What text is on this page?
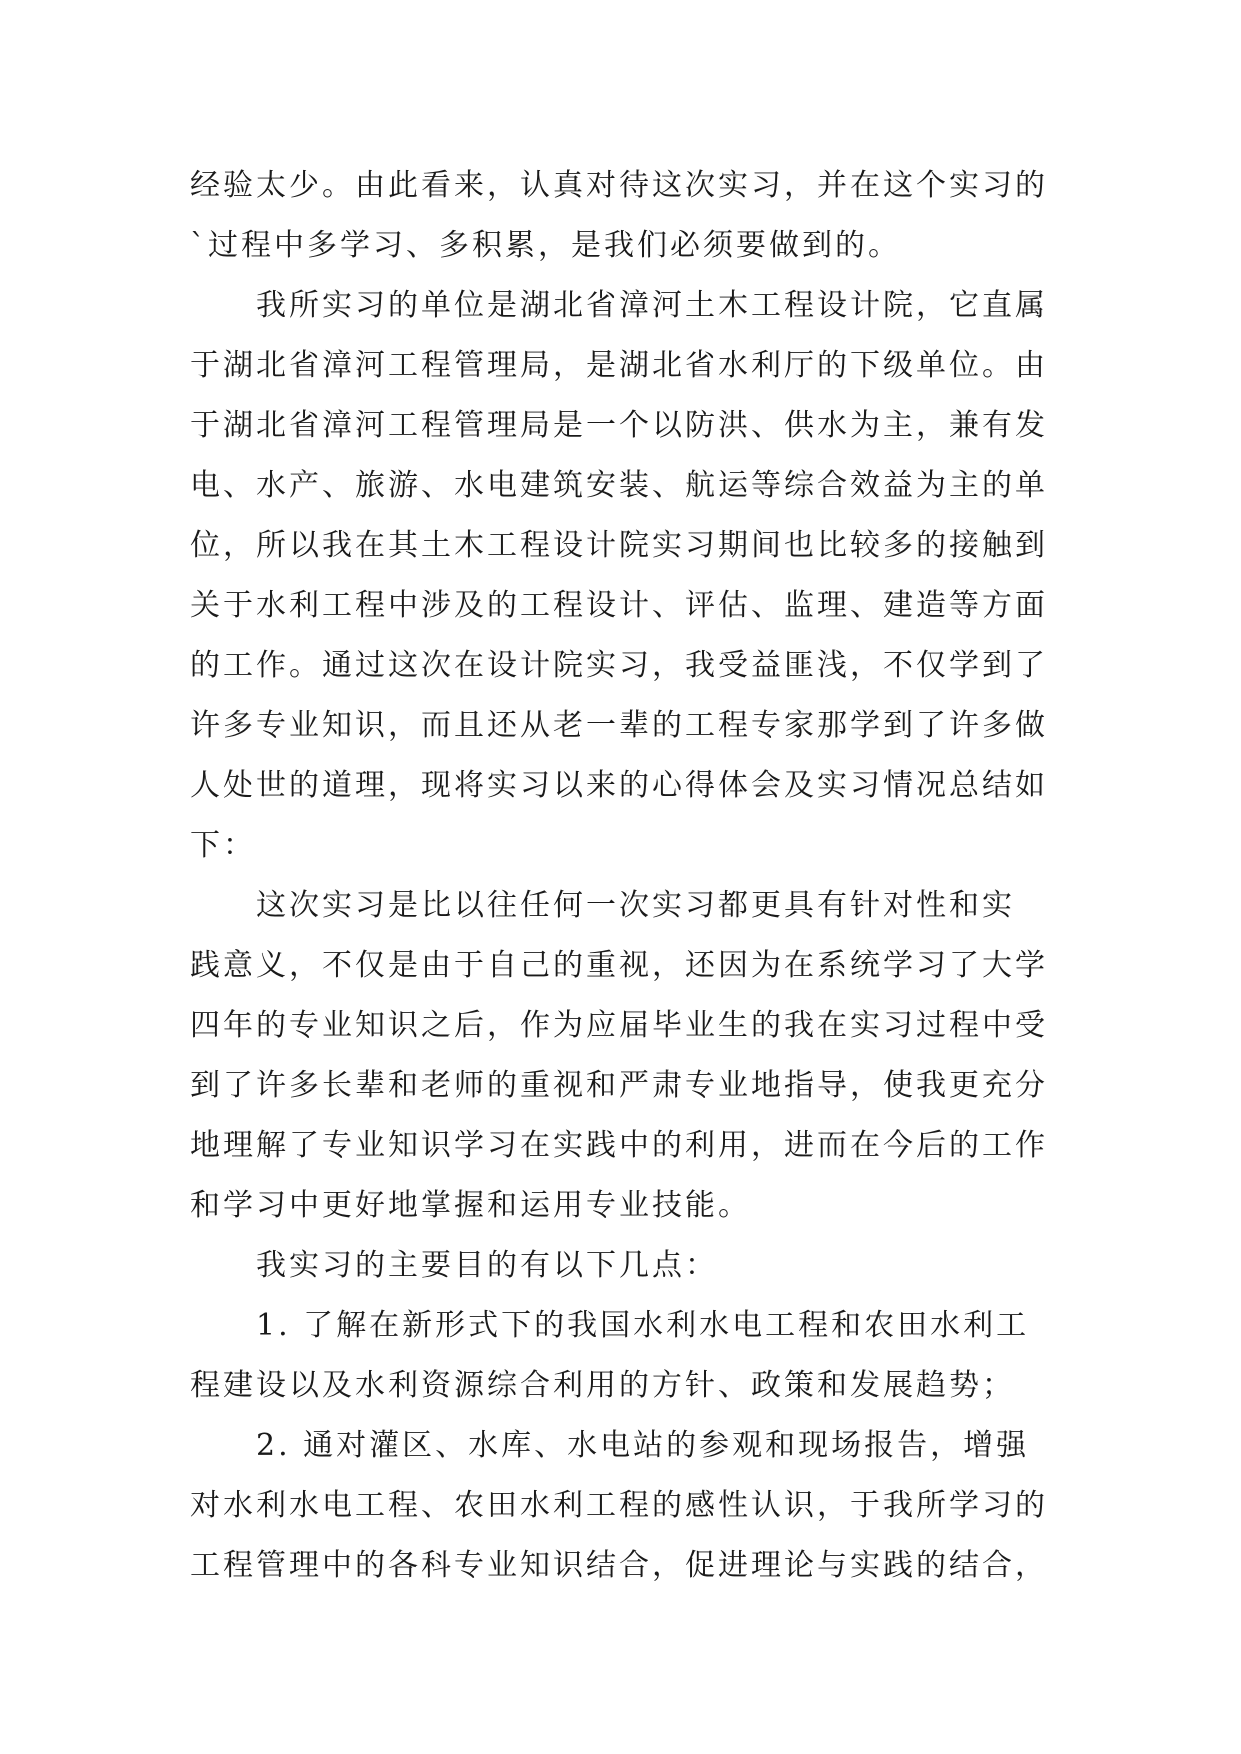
经验太少。由此看来，认真对待这次实习，并在这个实习的
`过程中多学习、多积累，是我们必须要做到的。
我所实习的单位是湖北省漳河土木工程设计院，它直属
于湖北省漳河工程管理局，是湖北省水利厅的下级单位。由
于湖北省漳河工程管理局是一个以防洪、供水为主，兼有发
电、水产、旅游、水电建筑安装、航运等综合效益为主的单
位，所以我在其土木工程设计院实习期间也比较多的接触到
关于水利工程中涉及的工程设计、评估、监理、建造等方面
的工作。通过这次在设计院实习，我受益匪浅，不仅学到了
许多专业知识，而且还从老一辈的工程专家那学到了许多做
人处世的道理，现将实习以来的心得体会及实习情况总结如
下：
这次实习是比以往任何一次实习都更具有针对性和实
践意义，不仅是由于自己的重视，还因为在系统学习了大学
四年的专业知识之后，作为应届毕业生的我在实习过程中受
到了许多长辈和老师的重视和严肃专业地指导，使我更充分
地理解了专业知识学习在实践中的利用，进而在今后的工作
和学习中更好地掌握和运用专业技能。
我实习的主要目的有以下几点：
1. 了解在新形式下的我国水利水电工程和农田水利工
程建设以及水利资源综合利用的方针、政策和发展趋势；
2. 通对灌区、水库、水电站的参观和现场报告，增强
对水利水电工程、农田水利工程的感性认识，于我所学习的
工程管理中的各科专业知识结合，促进理论与实践的结合，
